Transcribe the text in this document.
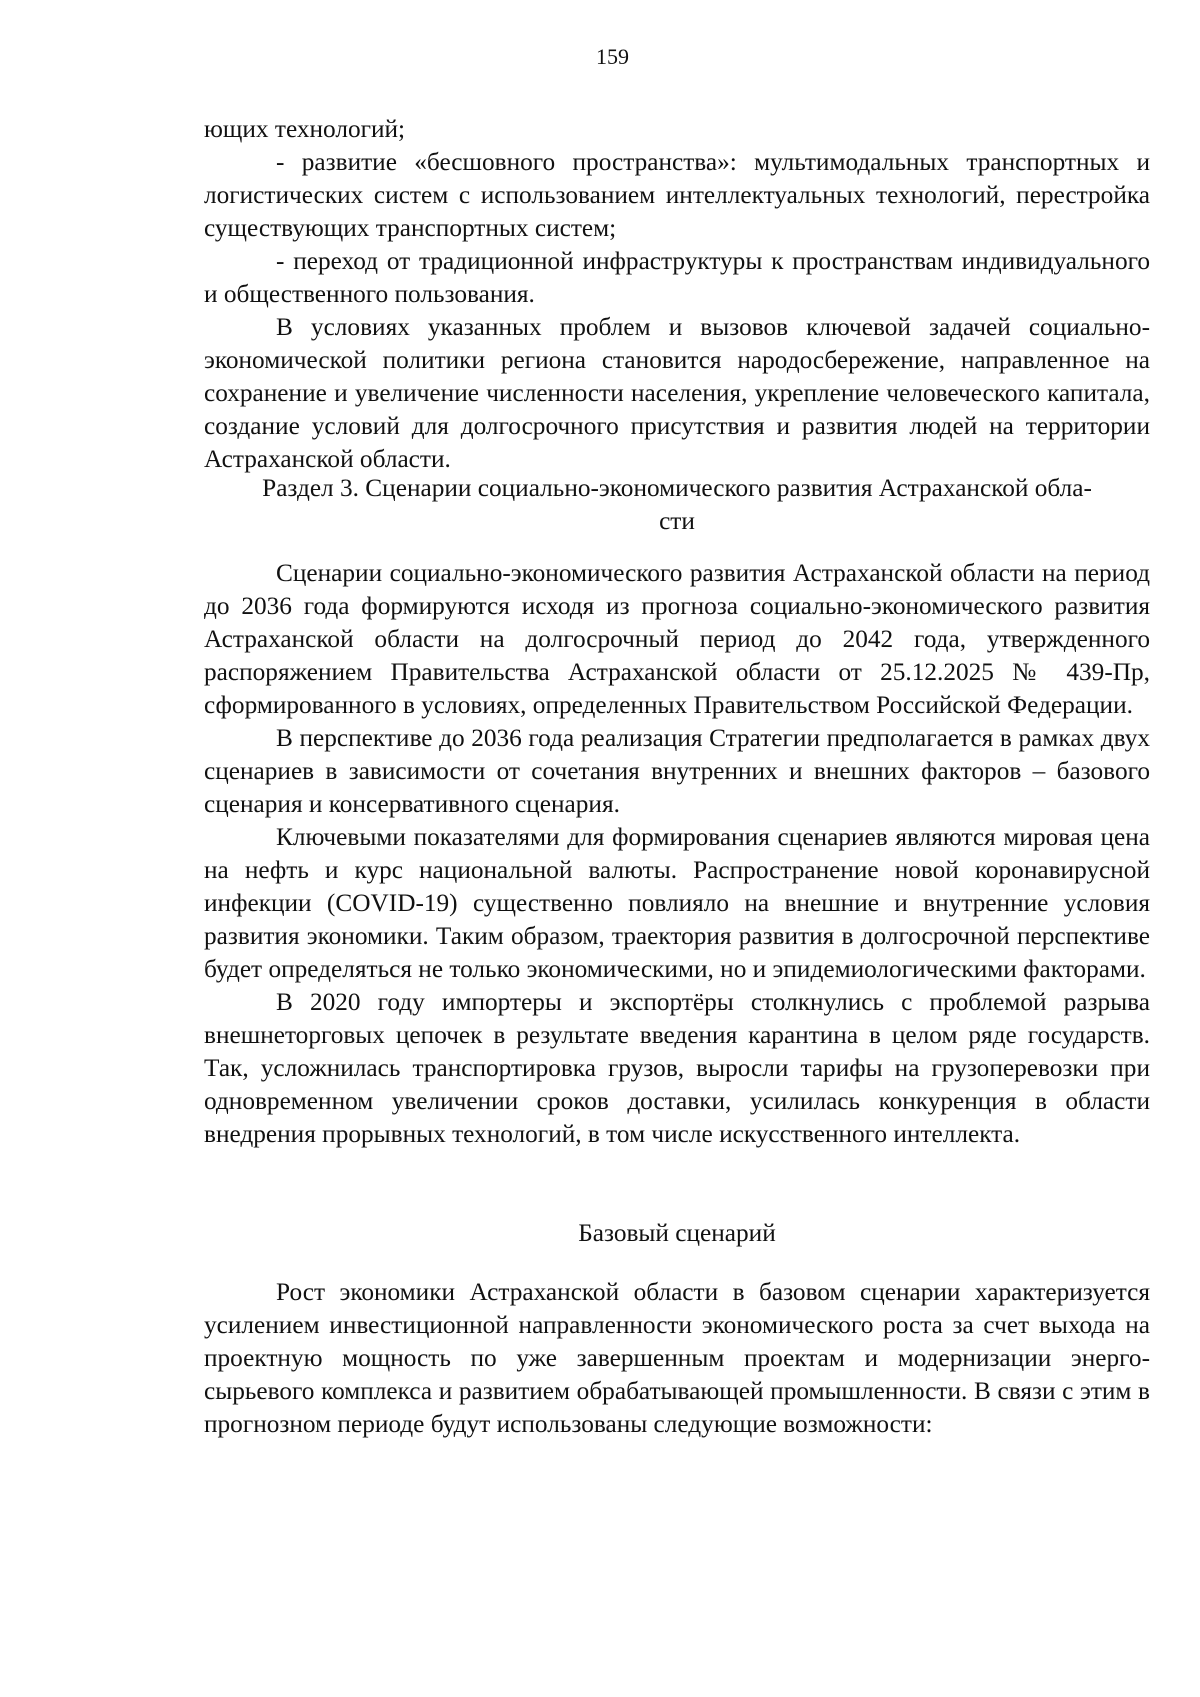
159

ющих технологий;

- развитие «бесшовного пространства»: мультимодальных транспортных и логистических систем с использованием интеллектуальных технологий, перестройка существующих транспортных систем;

- переход от традиционной инфраструктуры к пространствам индивидуального и общественного пользования.

В условиях указанных проблем и вызовов ключевой задачей социально-экономической политики региона становится народосбережение, направленное на сохранение и увеличение численности населения, укрепление человеческого капитала, создание условий для долгосрочного присутствия и развития людей на территории Астраханской области.

Раздел 3. Сценарии социально-экономического развития Астраханской обла-
сти

Сценарии социально-экономического развития Астраханской области на период до 2036 года формируются исходя из прогноза социально-экономического развития Астраханской области на долгосрочный период до 2042 года, утвержденного распоряжением Правительства Астраханской области от 25.12.2025 № 439-Пр, сформированного в условиях, определенных Правительством Российской Федерации.

В перспективе до 2036 года реализация Стратегии предполагается в рамках двух сценариев в зависимости от сочетания внутренних и внешних факторов – базового сценария и консервативного сценария.

Ключевыми показателями для формирования сценариев являются мировая цена на нефть и курс национальной валюты. Распространение новой коронавирусной инфекции (COVID-19) существенно повлияло на внешние и внутренние условия развития экономики. Таким образом, траектория развития в долгосрочной перспективе будет определяться не только экономическими, но и эпидемиологическими факторами.

В 2020 году импортеры и экспортёры столкнулись с проблемой разрыва внешнеторговых цепочек в результате введения карантина в целом ряде государств. Так, усложнилась транспортировка грузов, выросли тарифы на грузоперевозки при одновременном увеличении сроков доставки, усилилась конкуренция в области внедрения прорывных технологий, в том числе искусственного интеллекта.

Базовый сценарий

Рост экономики Астраханской области в базовом сценарии характеризуется усилением инвестиционной направленности экономического роста за счет выхода на проектную мощность по уже завершенным проектам и модернизации энерго-сырьевого комплекса и развитием обрабатывающей промышленности. В связи с этим в прогнозном периоде будут использованы следующие возможности:
